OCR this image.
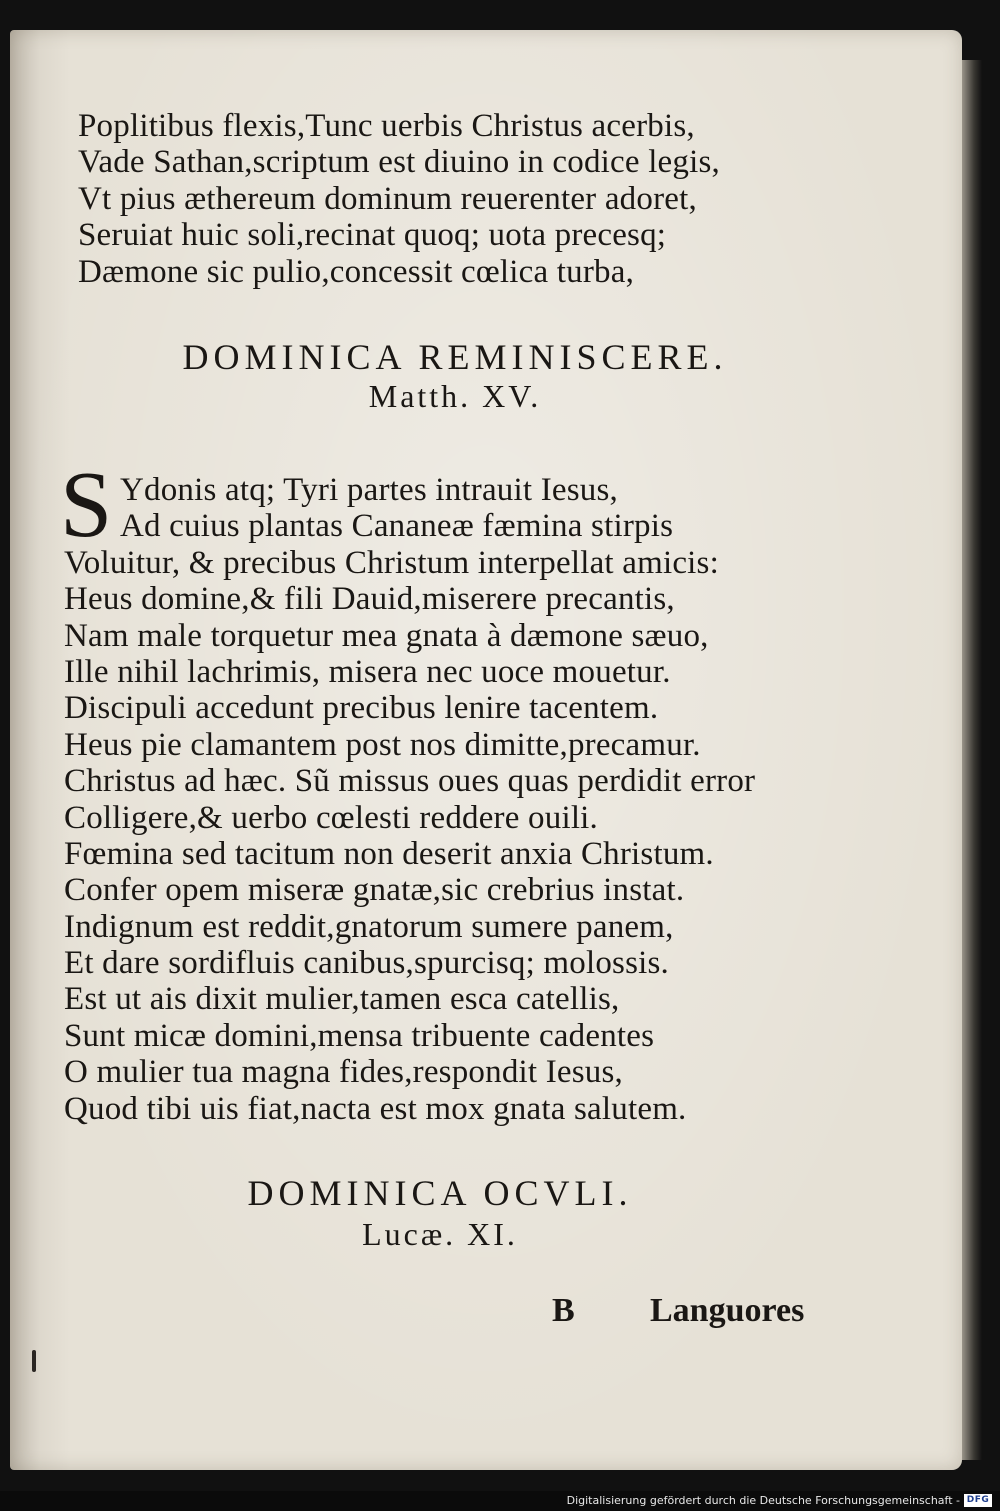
Poplitibus flexis,Tunc uerbis Christus acerbis,
Vade Sathan,scriptum est diuino in codice legis,
Vt pius æthereum dominum reuerenter adoret,
Seruiat huic soli,recinat quoq; uota precesq;
Dæmone sic pulio,concessit cœlica turba,
DOMINICA REMINISCERE.
Matth. XV.
S Ydonis atq; Tyri partes intrauit Iesus,
Ad cuius plantas Cananeæ fæmina stirpis
Voluitur, & precibus Christum interpellat amicis:
Heus domine,& fili Dauid,miserere precantis,
Nam male torquetur mea gnata à dæmone sæuo,
Ille nihil lachrimis, misera nec uoce mouetur.
Discipuli accedunt precibus lenire tacentem.
Heus pie clamantem post nos dimitte,precamur.
Christus ad hæc. Sũ missus oues quas perdidit error
Colligere,& uerbo cœlesti reddere ouili.
Fœmina sed tacitum non deserit anxia Christum.
Confer opem miseræ gnatæ,sic crebrius instat.
Indignum est reddit,gnatorum sumere panem,
Et dare sordifluis canibus,spurcisq; molossis.
Est ut ais dixit mulier,tamen esca catellis,
Sunt micæ domini,mensa tribuente cadentes
O mulier tua magna fides,respondit Iesus,
Quod tibi uis fiat,nacta est mox gnata salutem.
DOMINICA OCVLI.
Lucæ. XI.
B Languores
Digitalisierung gefördert durch die Deutsche Forschungsgemeinschaft - DFG
